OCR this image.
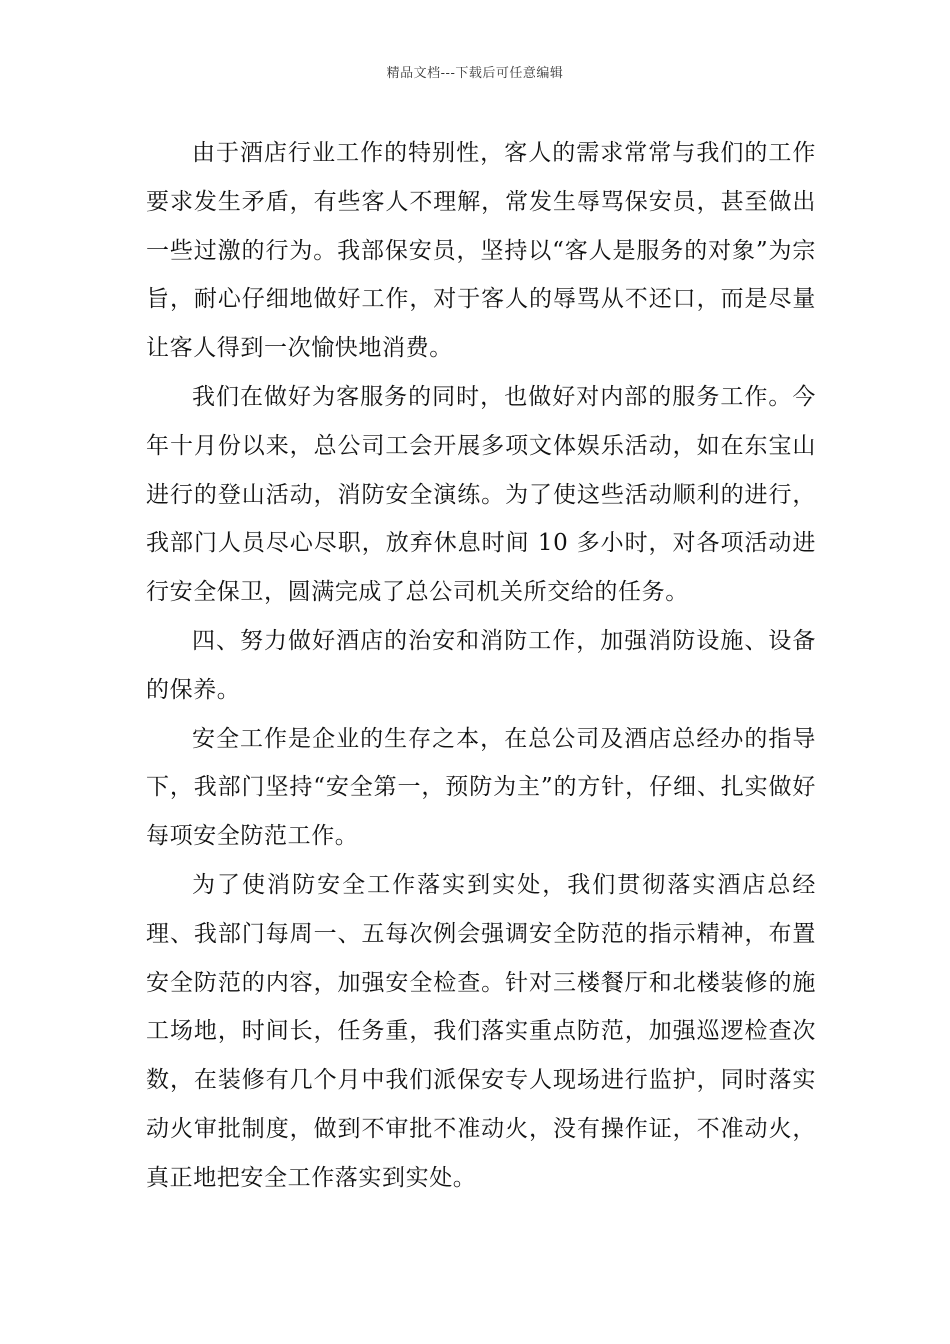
精品文档---下载后可任意编辑

由于酒店行业工作的特别性，客人的需求常常与我们的工作要求发生矛盾，有些客人不理解，常发生辱骂保安员，甚至做出一些过激的行为。我部保安员，坚持以“客人是服务的对象”为宗旨，耐心仔细地做好工作，对于客人的辱骂从不还口，而是尽量让客人得到一次愉快地消费。

我们在做好为客服务的同时，也做好对内部的服务工作。今年十月份以来，总公司工会开展多项文体娱乐活动，如在东宝山进行的登山活动，消防安全演练。为了使这些活动顺利的进行，我部门人员尽心尽职，放弃休息时间 10 多小时，对各项活动进行安全保卫，圆满完成了总公司机关所交给的任务。

四、努力做好酒店的治安和消防工作，加强消防设施、设备的保养。

安全工作是企业的生存之本，在总公司及酒店总经办的指导下，我部门坚持“安全第一，预防为主”的方针，仔细、扎实做好每项安全防范工作。

为了使消防安全工作落实到实处，我们贯彻落实酒店总经理、我部门每周一、五每次例会强调安全防范的指示精神，布置安全防范的内容，加强安全检查。针对三楼餐厅和北楼装修的施工场地，时间长，任务重，我们落实重点防范，加强巡逻检查次数，在装修有几个月中我们派保安专人现场进行监护，同时落实动火审批制度，做到不审批不准动火，没有操作证，不准动火，真正地把安全工作落实到实处。
